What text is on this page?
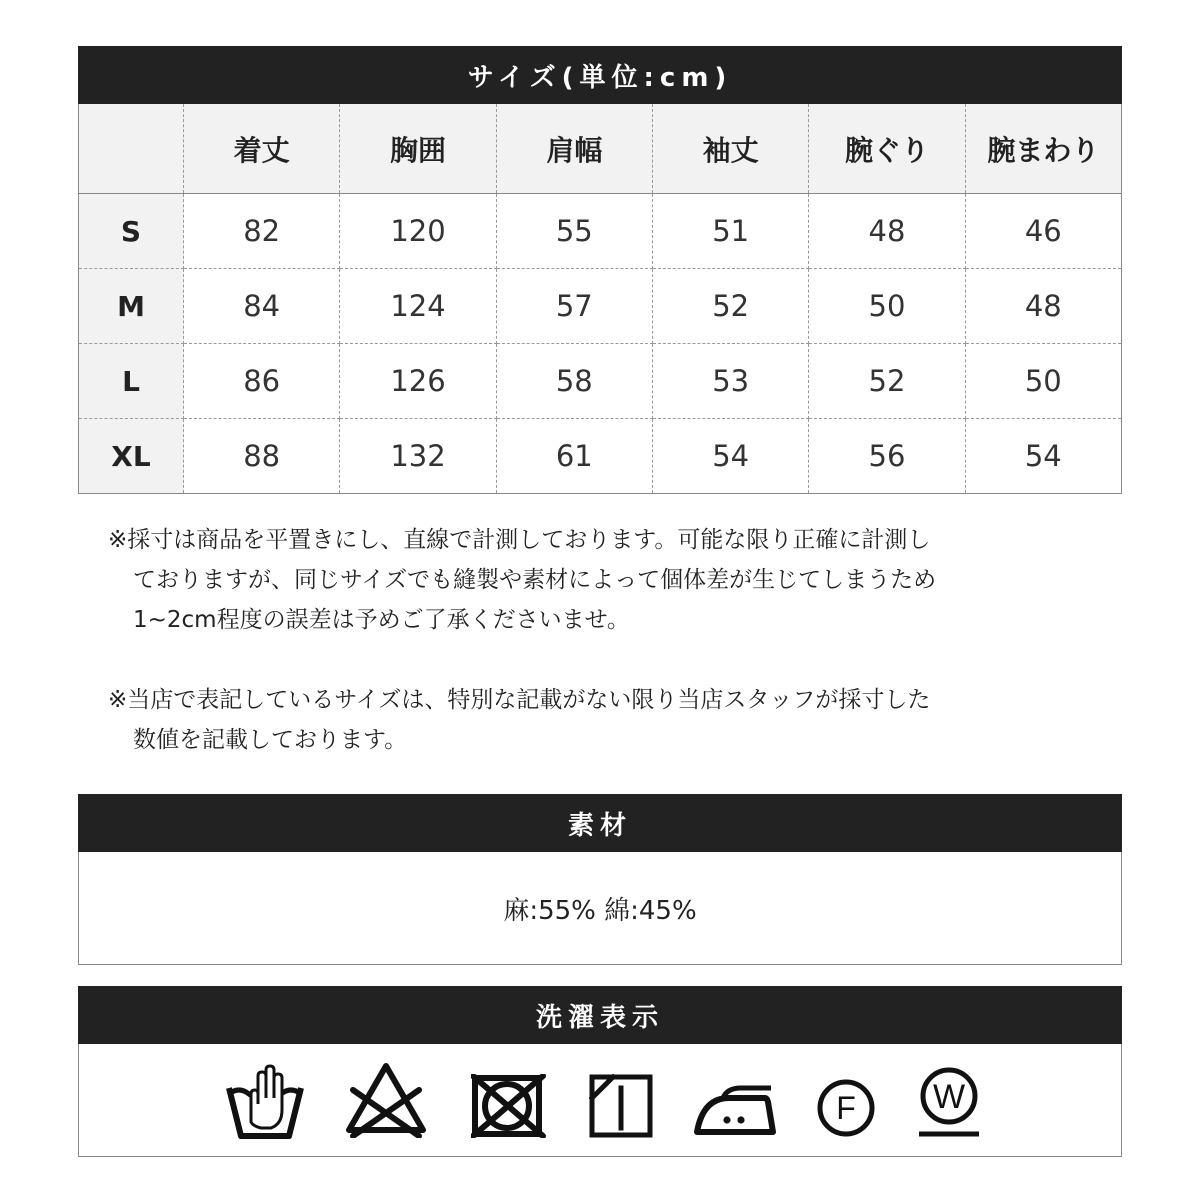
サイズ(単位:cm)
	着丈	胸囲	肩幅	袖丈	腕ぐり	腕まわり
S	82	120	55	51	48	46
M	84	124	57	52	50	48
L	86	126	58	53	52	50
XL	88	132	61	54	56	54

※採寸は商品を平置きにし、直線で計測しております。可能な限り正確に計測し
ておりますが、同じサイズでも縫製や素材によって個体差が生じてしまうため
1~2cm程度の誤差は予めご了承くださいませ。

※当店で表記しているサイズは、特別な記載がない限り当店スタッフが採寸した
数値を記載しております。

素材
麻:55% 綿:45%
洗濯表示
F W
